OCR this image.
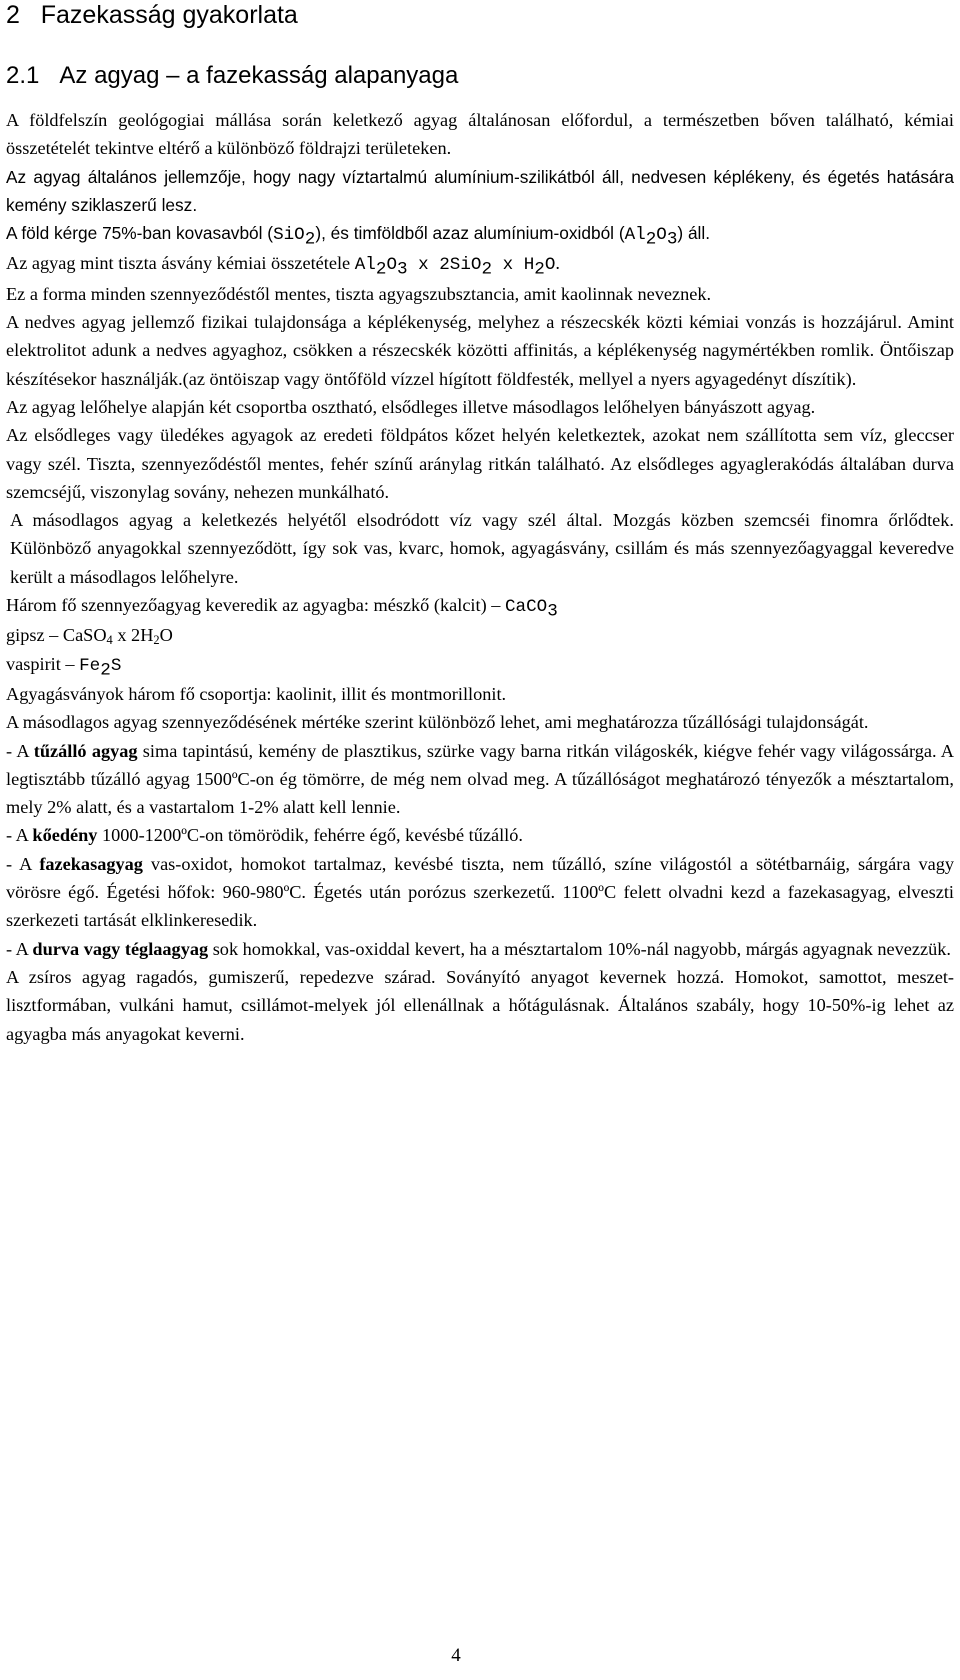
2 Fazekasság gyakorlata
2.1 Az agyag – a fazekasság alapanyaga

A földfelszín geológogiai mállása során keletkező agyag általánosan előfordul, a természetben bőven található, kémiai összetételét tekintve eltérő a különböző földrajzi területeken.

Az agyag általános jellemzője, hogy nagy víztartalmú alumínium-szilikátból áll, nedvesen képlékeny, és égetés hatására kemény sziklaszerű lesz.

A föld kérge 75%-ban kovasavból (SiO$_2$), és timföldből azaz alumínium-oxidból $(Al_2O_3)$ áll.

Az agyag mint tiszta ásvány kémiai összetétele $Al_2O_3$ x 2SiO$_2$ x $H_2O$.

Ez a forma minden szennyeződéstől mentes, tiszta agyagszubsztancia, amit kaolinnak neveznek.

A nedves agyag jellemző fizikai tulajdonsága a képlékenység, melyhez a részecskék közti kémiai vonzás is hozzájárul. Amint elektrolitot adunk a nedves agyaghoz, csökken a részecskék közötti affinitás, a képlékenység nagymértékben romlik. Öntőiszap készítésekor használják.(az öntöiszap vagy öntőföld vízzel hígított földfesték, mellyel a nyers agyagedényt díszítik).

Az agyag lelőhelye alapján két csoportba osztható, elsődleges illetve másodlagos lelőhelyen bányászott agyag.

Az elsődleges vagy üledékes agyagok az eredeti földpátos kőzet helyén keletkeztek, azokat nem szállította sem víz, gleccser vagy szél. Tiszta, szennyeződéstől mentes, fehér színű aránylag ritkán található. Az elsődleges agyaglerakódás általában durva szemcséjű, viszonylag sovány, nehezen munkálható.

A másodlagos agyag a keletkezés helyétől elsodródott víz vagy szél által. Mozgás közben szemcséi finomra őrlődtek. Különböző anyagokkal szennyeződött, így sok vas, kvarc, homok, agyagásvány, csillám és más szennyezőagyaggal keveredve került a másodlagos lelőhelyre.

Három fő szennyezőagyag keveredik az agyagba: mészkő (kalcit) – CaCO$_3$

gipsz – CaSO$_4$ x $2H_2O$

vaspirit – $Fe_2S$

Agyagásványok három fő csoportja: kaolinit, illit és montmorillonit.

A másodlagos agyag szennyeződésének mértéke szerint különböző lehet, ami meghatározza tűzállósági tulajdonságát.

- A tűzálló agyag sima tapintású, kemény de plasztikus, szürke vagy barna ritkán világoskék, kiégve fehér vagy világossárga. A legtisztább tűzálló agyag 1500ºC-on ég tömörre, de még nem olvad meg. A tűzállóságot meghatározó tényezők a mésztartalom, mely 2% alatt, és a vastartalom 1-2% alatt kell lennie.

- A kőedény 1000-1200ºC-on tömörödik, fehérre égő, kevésbé tűzálló.

- A fazekasagyag vas-oxidot, homokot tartalmaz, kevésbé tiszta, nem tűzálló, színe világostól a sötétbarnáig, sárgára vagy vörösre égő. Égetési hőfok: 960-980ºC. Égetés után porózus szerkezetű. 1100ºC felett olvadni kezd a fazekasagyag, elveszti szerkezeti tartását elklinkeresedik.

- A durva vagy téglaagyag sok homokkal, vas-oxiddal kevert, ha a mésztartalom 10%-nál nagyobb, márgás agyagnak nevezzük.

A zsíros agyag ragadós, gumiszerű, repedezve szárad. Soványító anyagot kevernek hozzá. Homokot, samottot, meszet-lisztformában, vulkáni hamut, csillámot-melyek jól ellenállnak a hőtágulásnak. Általános szabály, hogy 10-50%-ig lehet az agyagba más anyagokat keverni.

4
